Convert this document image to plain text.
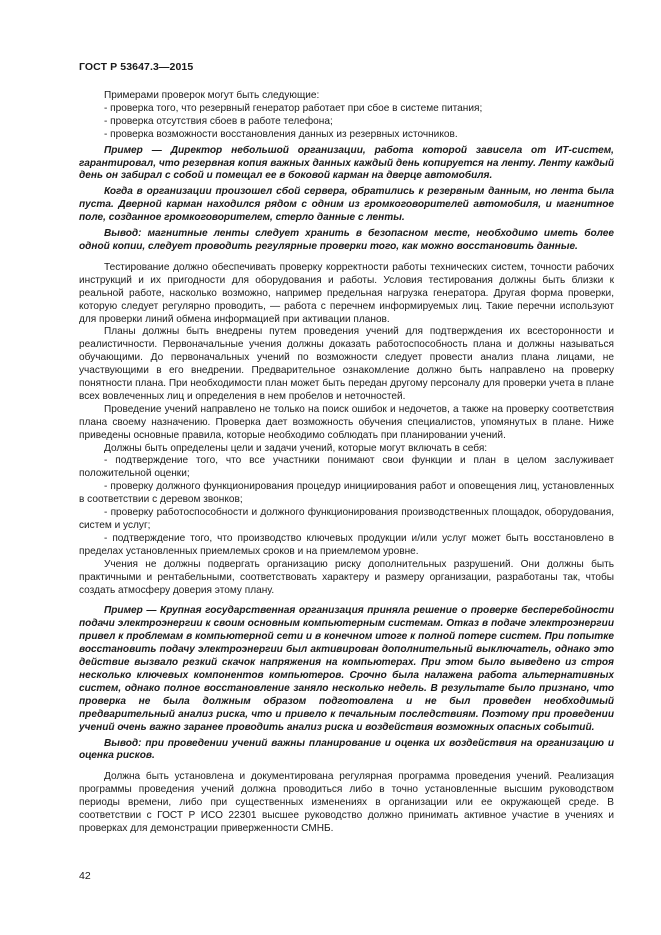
ГОСТ Р 53647.3—2015

Примерами проверок могут быть следующие:

- проверка того, что резервный генератор работает при сбое в системе питания;

- проверка отсутствия сбоев в работе телефона;

- проверка возможности восстановления данных из резервных источников.

Пример — Директор небольшой организации, работа которой зависела от ИТ-систем, гарантировал, что резервная копия важных данных каждый день копируется на ленту. Ленту каждый день он забирал с собой и помещал ее в боковой карман на дверце автомобиля.

Когда в организации произошел сбой сервера, обратились к резервным данным, но лента была пуста. Дверной карман находился рядом с одним из громкоговорителей автомобиля, и магнитное поле, созданное громкоговорителем, стерло данные с ленты.

Вывод: магнитные ленты следует хранить в безопасном месте, необходимо иметь более одной копии, следует проводить регулярные проверки того, как можно восстановить данные.

Тестирование должно обеспечивать проверку корректности работы технических систем, точности рабочих инструкций и их пригодности для оборудования и работы. Условия тестирования должны быть близки к реальной работе, насколько возможно, например предельная нагрузка генератора. Другая форма проверки, которую следует регулярно проводить, — работа с перечнем информируемых лиц. Такие перечни используют для проверки линий обмена информацией при активации планов.

Планы должны быть внедрены путем проведения учений для подтверждения их всесторонности и реалистичности. Первоначальные учения должны доказать работоспособность плана и должны называться обучающими. До первоначальных учений по возможности следует провести анализ плана лицами, не участвующими в его внедрении. Предварительное ознакомление должно быть направлено на проверку понятности плана. При необходимости план может быть передан другому персоналу для проверки учета в плане всех вовлеченных лиц и определения в нем пробелов и неточностей.

Проведение учений направлено не только на поиск ошибок и недочетов, а также на проверку соответствия плана своему назначению. Проверка дает возможность обучения специалистов, упомянутых в плане. Ниже приведены основные правила, которые необходимо соблюдать при планировании учений.

Должны быть определены цели и задачи учений, которые могут включать в себя:

- подтверждение того, что все участники понимают свои функции и план в целом заслуживает положительной оценки;

- проверку должного функционирования процедур инициирования работ и оповещения лиц, установленных в соответствии с деревом звонков;

- проверку работоспособности и должного функционирования производственных площадок, оборудования, систем и услуг;

- подтверждение того, что производство ключевых продукции и/или услуг может быть восстановлено в пределах установленных приемлемых сроков и на приемлемом уровне.

Учения не должны подвергать организацию риску дополнительных разрушений. Они должны быть практичными и рентабельными, соответствовать характеру и размеру организации, разработаны так, чтобы создать атмосферу доверия этому плану.

Пример — Крупная государственная организация приняла решение о проверке бесперебойности подачи электроэнергии к своим основным компьютерным системам. Отказ в подаче электроэнергии привел к проблемам в компьютерной сети и в конечном итоге к полной потере систем. При попытке восстановить подачу электроэнергии был активирован дополнительный выключатель, однако это действие вызвало резкий скачок напряжения на компьютерах. При этом было выведено из строя несколько ключевых компонентов компьютеров. Срочно была налажена работа альтернативных систем, однако полное восстановление заняло несколько недель. В результате было признано, что проверка не была должным образом подготовлена и не был проведен необходимый предварительный анализ риска, что и привело к печальным последствиям. Поэтому при проведении учений очень важно заранее проводить анализ риска и воздействия возможных опасных событий.

Вывод: при проведении учений важны планирование и оценка их воздействия на организацию и оценка рисков.

Должна быть установлена и документирована регулярная программа проведения учений. Реализация программы проведения учений должна проводиться либо в точно установленные высшим руководством периоды времени, либо при существенных изменениях в организации или ее окружающей среде. В соответствии с ГОСТ Р ИСО 22301 высшее руководство должно принимать активное участие в учениях и проверках для демонстрации приверженности СМНБ.

42
